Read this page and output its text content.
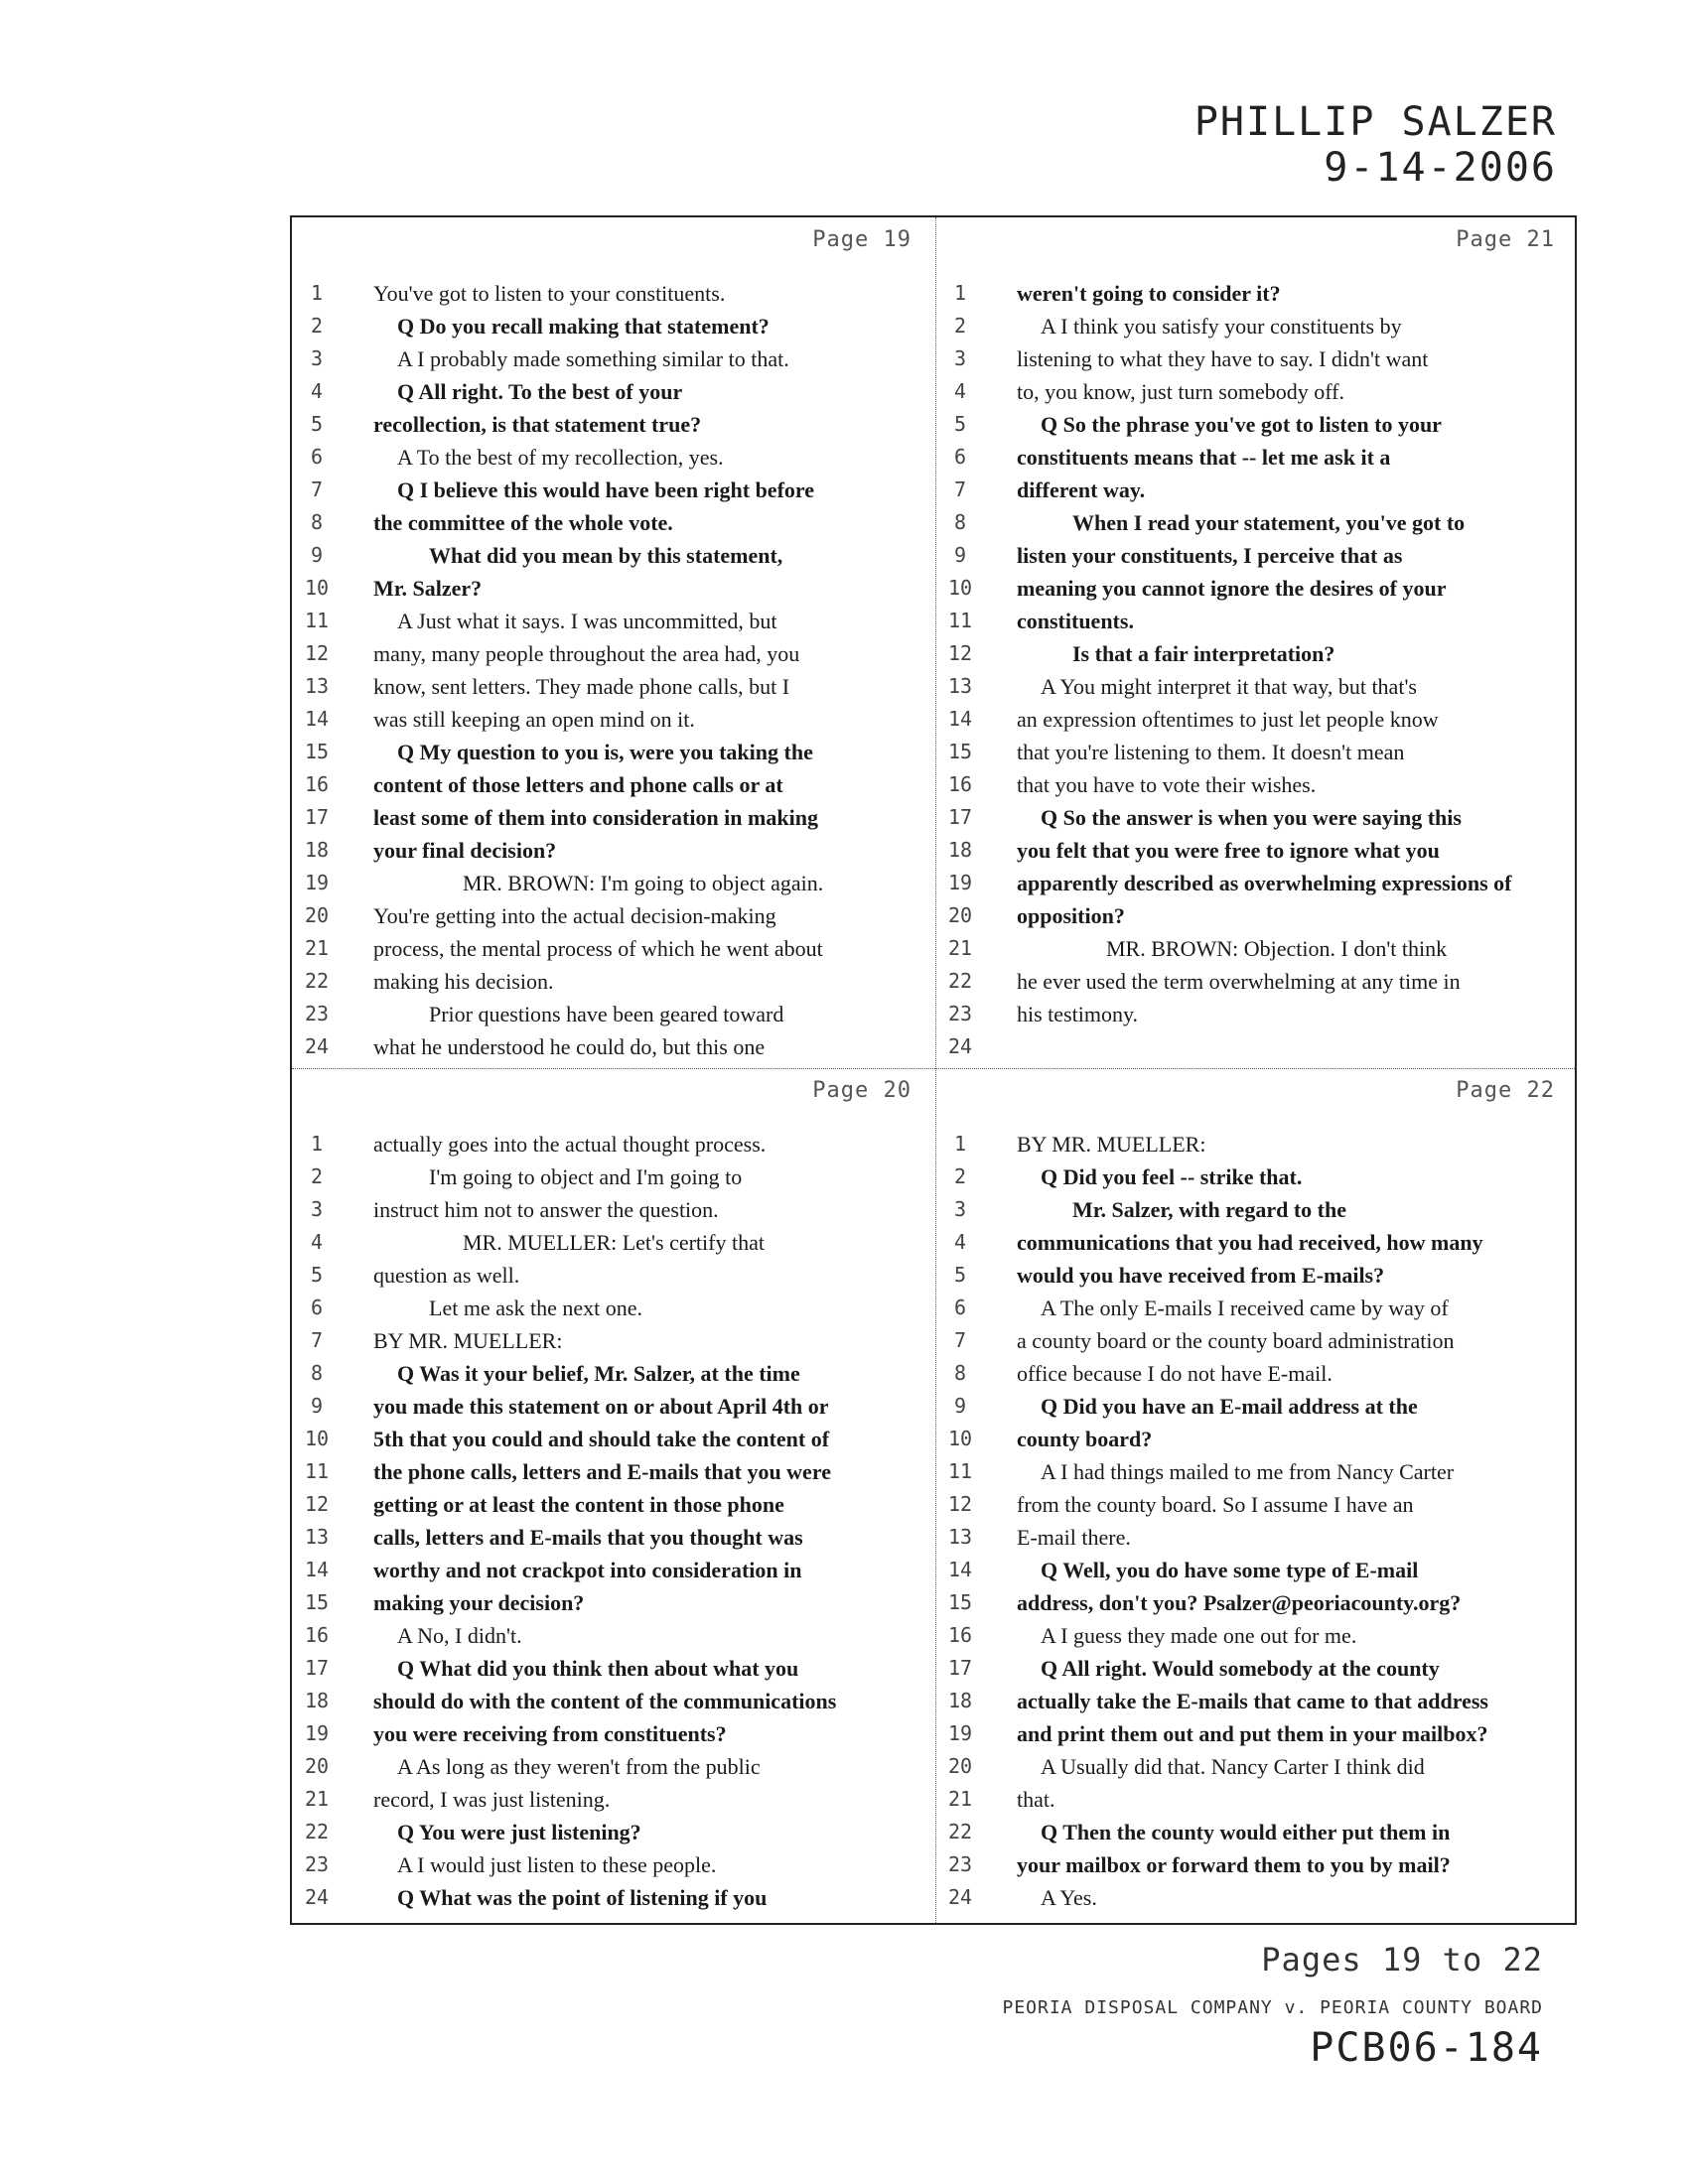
PHILLIP SALZER
9-14-2006
Page 19
1	You've got to listen to your constituents.
2	Q Do you recall making that statement?
3	A I probably made something similar to that.
4	Q All right. To the best of your
5	recollection, is that statement true?
6	A To the best of my recollection, yes.
7	Q I believe this would have been right before
8	the committee of the whole vote.
9	What did you mean by this statement,
10	Mr. Salzer?
11	A Just what it says. I was uncommitted, but
12	many, many people throughout the area had, you
13	know, sent letters. They made phone calls, but I
14	was still keeping an open mind on it.
15	Q My question to you is, were you taking the
16	content of those letters and phone calls or at
17	least some of them into consideration in making
18	your final decision?
19	MR. BROWN: I'm going to object again.
20	You're getting into the actual decision-making
21	process, the mental process of which he went about
22	making his decision.
23	Prior questions have been geared toward
24	what he understood he could do, but this one
Page 21
1	weren't going to consider it?
2	A I think you satisfy your constituents by
3	listening to what they have to say. I didn't want
4	to, you know, just turn somebody off.
5	Q So the phrase you've got to listen to your
6	constituents means that -- let me ask it a
7	different way.
8	When I read your statement, you've got to
9	listen your constituents, I perceive that as
10	meaning you cannot ignore the desires of your
11	constituents.
12	Is that a fair interpretation?
13	A You might interpret it that way, but that's
14	an expression oftentimes to just let people know
15	that you're listening to them. It doesn't mean
16	that you have to vote their wishes.
17	Q So the answer is when you were saying this
18	you felt that you were free to ignore what you
19	apparently described as overwhelming expressions of
20	opposition?
21	MR. BROWN: Objection. I don't think
22	he ever used the term overwhelming at any time in
23	his testimony.
24
Page 20
1	actually goes into the actual thought process.
2	I'm going to object and I'm going to
3	instruct him not to answer the question.
4	MR. MUELLER: Let's certify that
5	question as well.
6	Let me ask the next one.
7	BY MR. MUELLER:
8	Q Was it your belief, Mr. Salzer, at the time
9	you made this statement on or about April 4th or
10	5th that you could and should take the content of
11	the phone calls, letters and E-mails that you were
12	getting or at least the content in those phone
13	calls, letters and E-mails that you thought was
14	worthy and not crackpot into consideration in
15	making your decision?
16	A No, I didn't.
17	Q What did you think then about what you
18	should do with the content of the communications
19	you were receiving from constituents?
20	A As long as they weren't from the public
21	record, I was just listening.
22	Q You were just listening?
23	A I would just listen to these people.
24	Q What was the point of listening if you
Page 22
1	BY MR. MUELLER:
2	Q Did you feel -- strike that.
3	Mr. Salzer, with regard to the
4	communications that you had received, how many
5	would you have received from E-mails?
6	A The only E-mails I received came by way of
7	a county board or the county board administration
8	office because I do not have E-mail.
9	Q Did you have an E-mail address at the
10	county board?
11	A I had things mailed to me from Nancy Carter
12	from the county board. So I assume I have an
13	E-mail there.
14	Q Well, you do have some type of E-mail
15	address, don't you? Psalzer@peoriacounty.org?
16	A I guess they made one out for me.
17	Q All right. Would somebody at the county
18	actually take the E-mails that came to that address
19	and print them out and put them in your mailbox?
20	A Usually did that. Nancy Carter I think did
21	that.
22	Q Then the county would either put them in
23	your mailbox or forward them to you by mail?
24	A Yes.
Pages 19 to 22
PEORIA DISPOSAL COMPANY v. PEORIA COUNTY BOARD
PCB06-184
